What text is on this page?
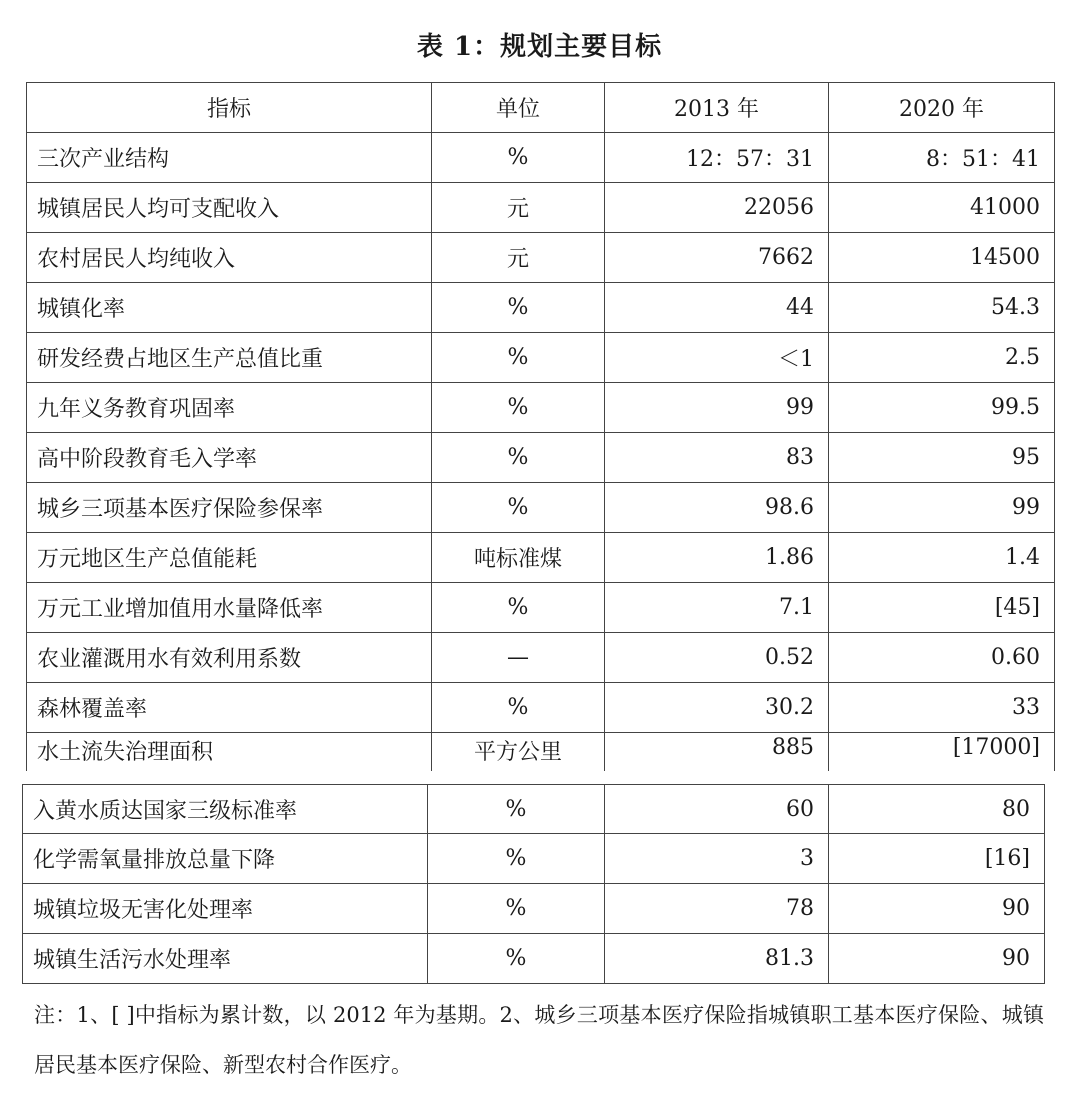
表 1：规划主要目标
指标	单位	2013 年	2020 年
三次产业结构	%	12：57：31	8：51：41
城镇居民人均可支配收入	元	22056	41000
农村居民人均纯收入	元	7662	14500
城镇化率	%	44	54.3
研发经费占地区生产总值比重	%	＜1	2.5
九年义务教育巩固率	%	99	99.5
高中阶段教育毛入学率	%	83	95
城乡三项基本医疗保险参保率	%	98.6	99
万元地区生产总值能耗	吨标准煤	1.86	1.4
万元工业增加值用水量降低率	%	7.1	[45]
农业灌溉用水有效利用系数	—	0.52	0.60
森林覆盖率	%	30.2	33
水土流失治理面积	平方公里	885	[17000]
入黄水质达国家三级标准率	%	60	80
化学需氧量排放总量下降	%	3	[16]
城镇垃圾无害化处理率	%	78	90
城镇生活污水处理率	%	81.3	90
注：1、[ ]中指标为累计数，以 2012 年为基期。2、城乡三项基本医疗保险指城镇职工基本医疗保险、城镇居民基本医疗保险、新型农村合作医疗。
